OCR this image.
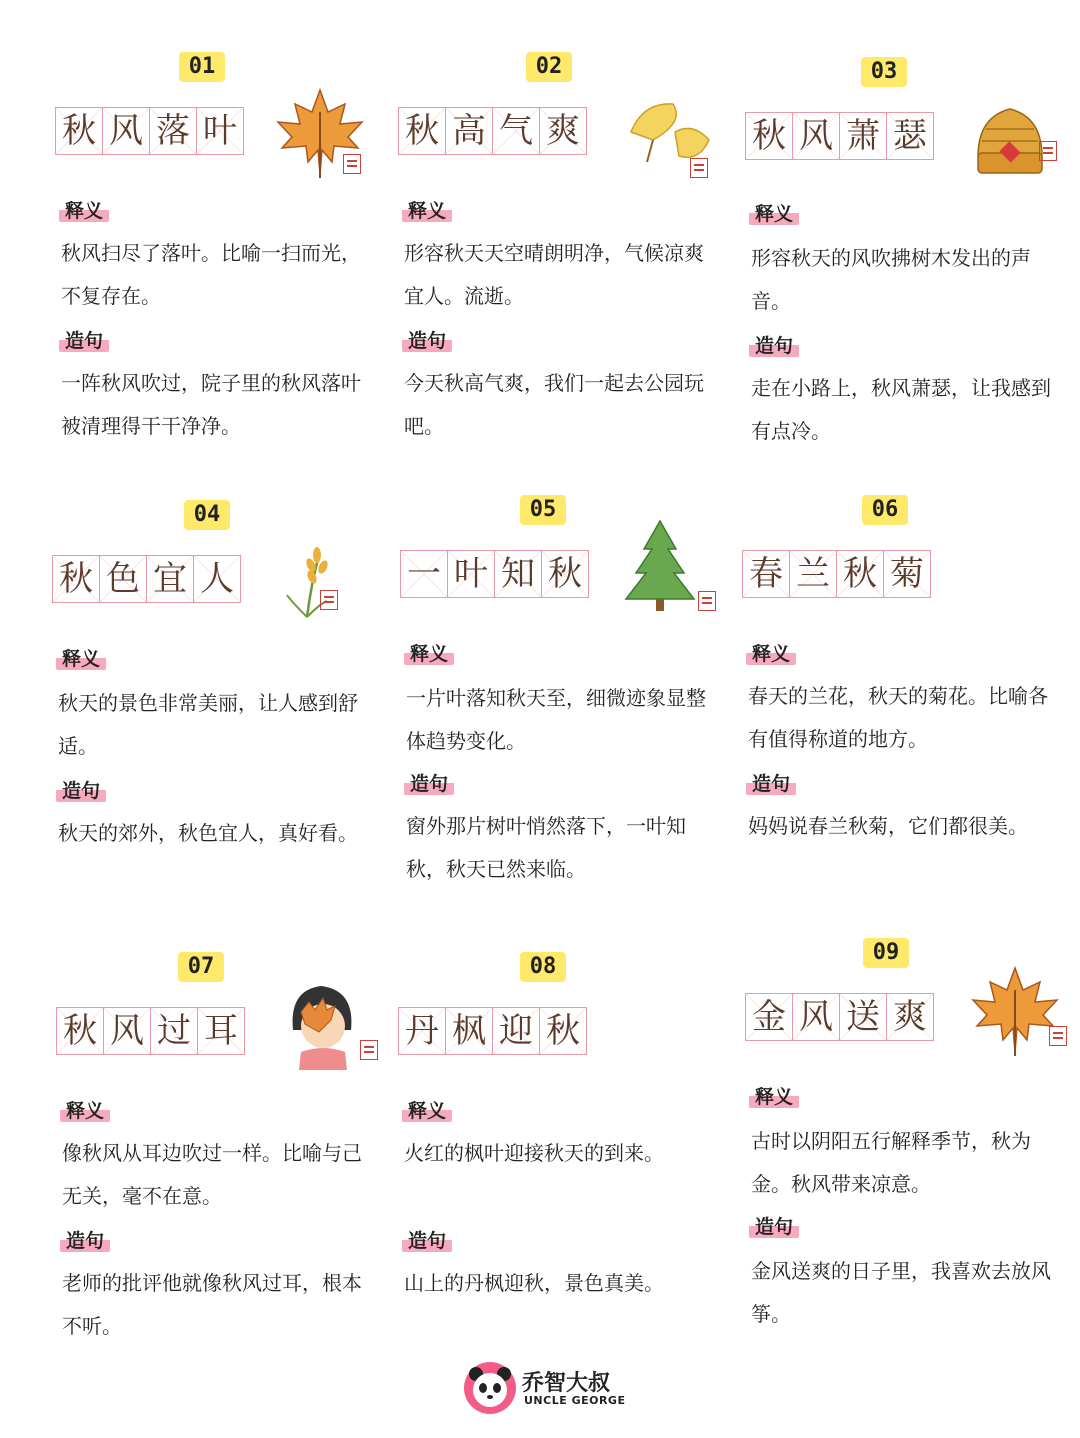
01
秋 风 落 叶
释义
秋风扫尽了落叶。比喻一扫而光，不复存在。
造句
一阵秋风吹过，院子里的秋风落叶被清理得干干净净。
02
秋 高 气 爽
释义
形容秋天天空晴朗明净，气候凉爽宜人。流逝。
造句
今天秋高气爽，我们一起去公园玩吧。
03
秋 风 萧 瑟
释义
形容秋天的风吹拂树木发出的声音。
造句
走在小路上，秋风萧瑟，让我感到有点冷。
04
秋 色 宜 人
释义
秋天的景色非常美丽，让人感到舒适。
造句
秋天的郊外，秋色宜人，真好看。
05
一 叶 知 秋
释义
一片叶落知秋天至，细微迹象显整体趋势变化。
造句
窗外那片树叶悄然落下，一叶知秋，秋天已然来临。
06
春 兰 秋 菊
释义
春天的兰花，秋天的菊花。比喻各有值得称道的地方。
造句
妈妈说春兰秋菊，它们都很美。
07
秋 风 过 耳
释义
像秋风从耳边吹过一样。比喻与己无关，毫不在意。
造句
老师的批评他就像秋风过耳，根本不听。
08
丹 枫 迎 秋
释义
火红的枫叶迎接秋天的到来。
造句
山上的丹枫迎秋，景色真美。
09
金 风 送 爽
释义
古时以阴阳五行解释季节，秋为金。秋风带来凉意。
造句
金风送爽的日子里，我喜欢去放风筝。
乔智大叔
UNCLE GEORGE
